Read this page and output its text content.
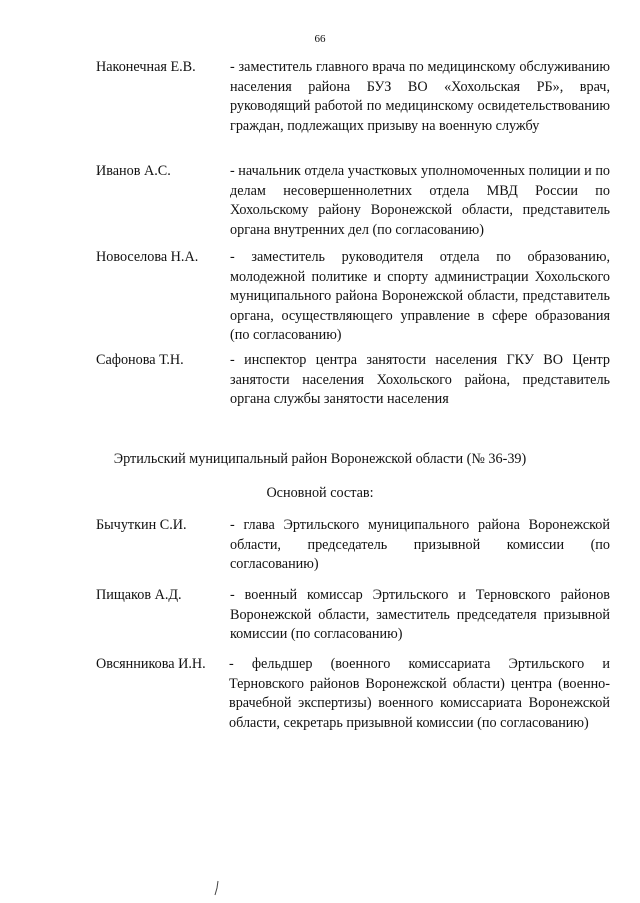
66
Наконечная Е.В. - заместитель главного врача по медицинскому обслуживанию населения района БУЗ ВО «Хохольская РБ», врач, руководящий работой по медицинскому освидетельствованию граждан, подлежащих призыву на военную службу
Иванов А.С.	- начальник отдела участковых уполномоченных полиции и по делам несовершеннолетних отдела МВД России по Хохольскому району Воронежской области, представитель органа внутренних дел (по согласованию)
Новоселова Н.А. - заместитель руководителя отдела по образованию, молодежной политике и спорту администрации Хохольского муниципального района Воронежской области, представитель органа, осуществляющего управление в сфере образования (по согласованию)
Сафонова Т.Н.	- инспектор центра занятости населения ГКУ ВО Центр занятости населения Хохольского района, представитель органа службы занятости населения
Эртильский муниципальный район Воронежской области (№ 36-39)
Основной состав:
Бычуткин С.И.	- глава Эртильского муниципального района Воронежской области, председатель призывной комиссии (по согласованию)
Пищаков А.Д.	- военный комиссар Эртильского и Терновского районов Воронежской области, заместитель председателя призывной комиссии (по согласованию)
Овсянникова И.Н. - фельдшер (военного комиссариата Эртильского и Терновского районов Воронежской области) центра (военно-врачебной экспертизы) военного комиссариата Воронежской области, секретарь призывной комиссии (по согласованию)
